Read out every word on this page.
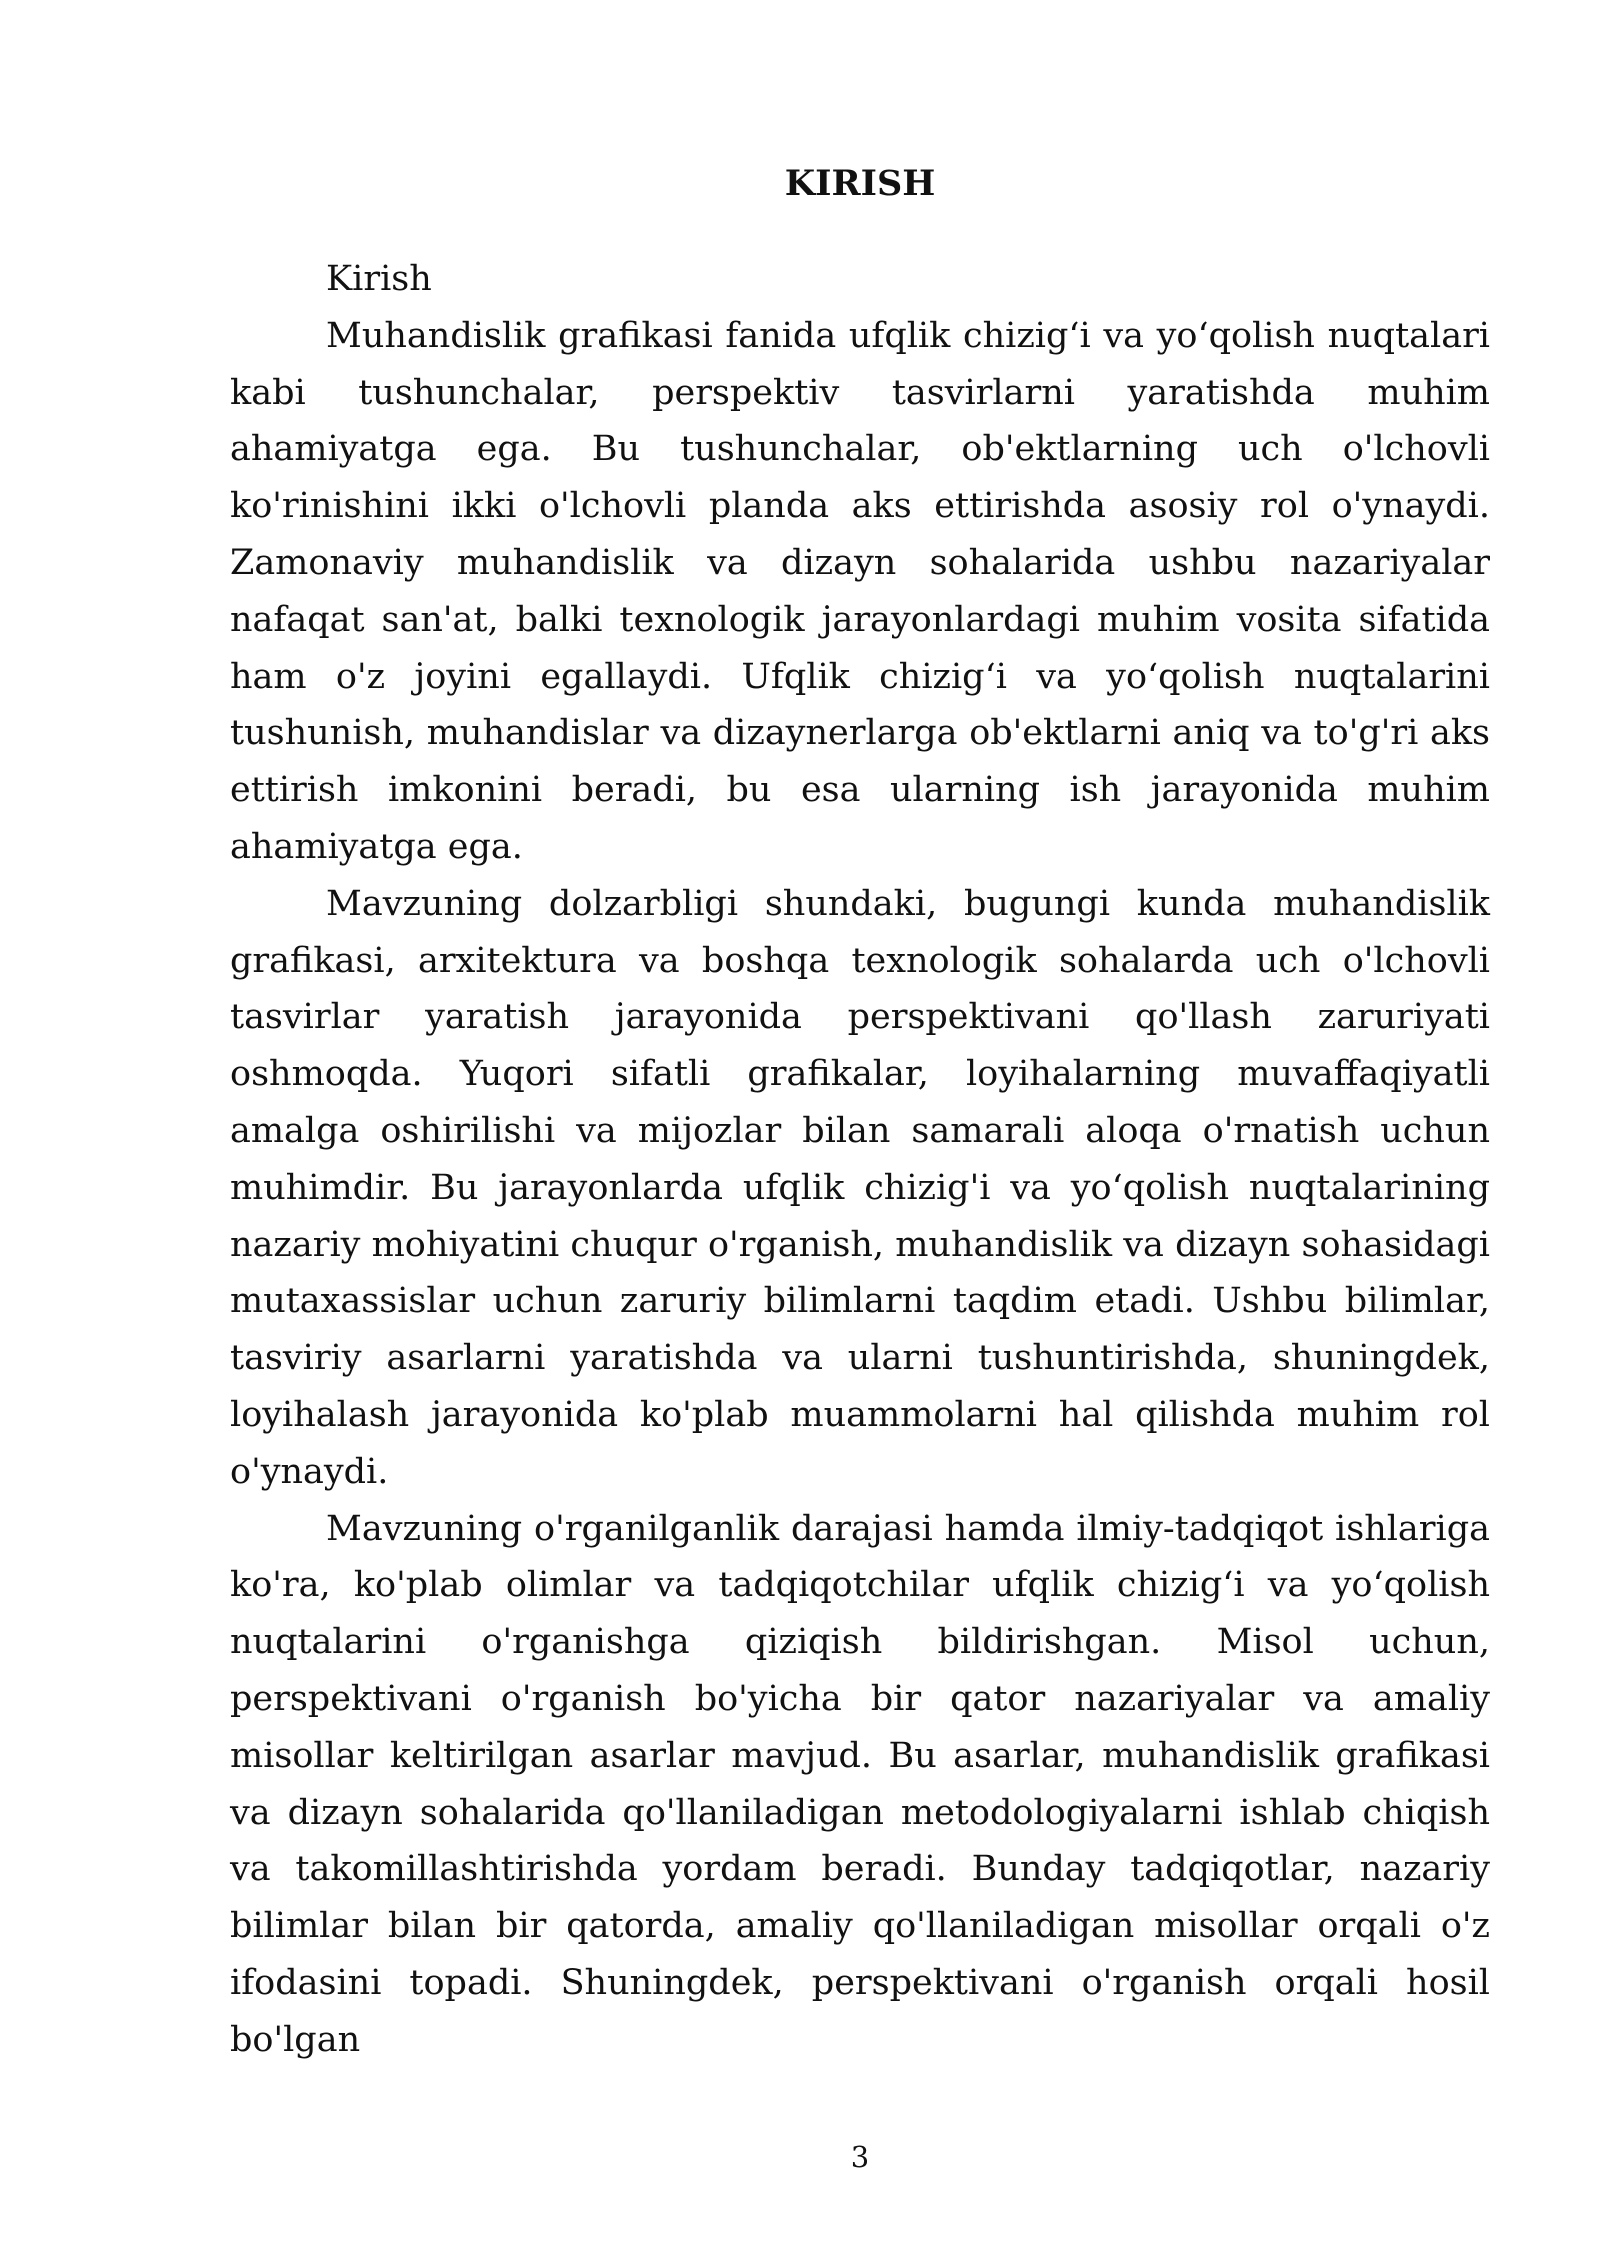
KIRISH

Kirish

Muhandislik grafikasi fanida ufqlik chizig‘i va yo‘qolish nuqtalari kabi tushunchalar, perspektiv tasvirlarni yaratishda muhim ahamiyatga ega. Bu tushunchalar, ob'ektlarning uch o'lchovli ko'rinishini ikki o'lchovli planda aks ettirishda asosiy rol o'ynaydi. Zamonaviy muhandislik va dizayn sohalarida ushbu nazariyalar nafaqat san'at, balki texnologik jarayonlardagi muhim vosita sifatida ham o'z joyini egallaydi. Ufqlik chizig‘i va yo‘qolish nuqtalarini tushunish, muhandislar va dizaynerlarga ob'ektlarni aniq va to'g'ri aks ettirish imkonini beradi, bu esa ularning ish jarayonida muhim ahamiyatga ega.

Mavzuning dolzarbligi shundaki, bugungi kunda muhandislik grafikasi, arxitektura va boshqa texnologik sohalarda uch o'lchovli tasvirlar yaratish jarayonida perspektivani qo'llash zaruriyati oshmoqda. Yuqori sifatli grafikalar, loyihalarning muvaffaqiyatli amalga oshirilishi va mijozlar bilan samarali aloqa o'rnatish uchun muhimdir. Bu jarayonlarda ufqlik chizig'i va yo‘qolish nuqtalarining nazariy mohiyatini chuqur o'rganish, muhandislik va dizayn sohasidagi mutaxassislar uchun zaruriy bilimlarni taqdim etadi. Ushbu bilimlar, tasviriy asarlarni yaratishda va ularni tushuntirishda, shuningdek, loyihalash jarayonida ko'plab muammolarni hal qilishda muhim rol o'ynaydi.

Mavzuning o'rganilganlik darajasi hamda ilmiy-tadqiqot ishlariga ko'ra, ko'plab olimlar va tadqiqotchilar ufqlik chizig‘i va yo‘qolish nuqtalarini o'rganishga qiziqish bildirishgan. Misol uchun, perspektivani o'rganish bo'yicha bir qator nazariyalar va amaliy misollar keltirilgan asarlar mavjud. Bu asarlar, muhandislik grafikasi va dizayn sohalarida qo'llaniladigan metodologiyalarni ishlab chiqish va takomillashtirishda yordam beradi. Bunday tadqiqotlar, nazariy bilimlar bilan bir qatorda, amaliy qo'llaniladigan misollar orqali o'z ifodasini topadi. Shuningdek, perspektivani o'rganish orqali hosil bo'lgan

3
